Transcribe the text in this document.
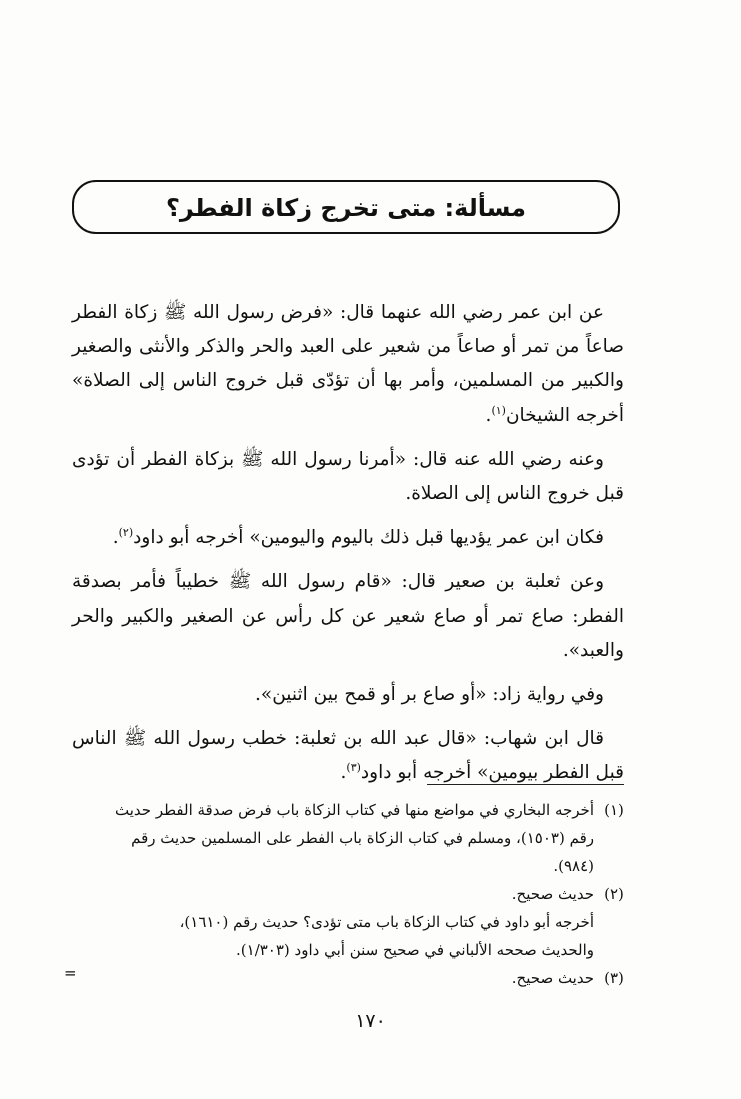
مسألة: متى تخرج زكاة الفطر؟

عن ابن عمر رضي الله عنهما قال: «فرض رسول الله ﷺ زكاة الفطر صاعاً من تمر أو صاعاً من شعير على العبد والحر والذكر والأنثى والصغير والكبير من المسلمين، وأمر بها أن تؤدّى قبل خروج الناس إلى الصلاة» أخرجه الشيخان$^{(١)}$.

وعنه رضي الله عنه قال: «أمرنا رسول الله ﷺ بزكاة الفطر أن تؤدى قبل خروج الناس إلى الصلاة.

فكان ابن عمر يؤديها قبل ذلك باليوم واليومين» أخرجه أبو داود$^{(٢)}$.

وعن ثعلبة بن صعير قال: «قام رسول الله ﷺ خطيباً فأمر بصدقة الفطر: صاع تمر أو صاع شعير عن كل رأس عن الصغير والكبير والحر والعبد».

وفي رواية زاد: «أو صاع بر أو قمح بين اثنين».

قال ابن شهاب: «قال عبد الله بن ثعلبة: خطب رسول الله ﷺ الناس قبل الفطر بيومين» أخرجه أبو داود$^{(٣)}$.

(١)
أخرجه البخاري في مواضع منها في كتاب الزكاة باب فرض صدقة الفطر حديث
رقم (١٥٠٣)، ومسلم في كتاب الزكاة باب الفطر على المسلمين حديث رقم
(٩٨٤).
(٢)
حديث صحيح.
أخرجه أبو داود في كتاب الزكاة باب متى تؤدى؟ حديث رقم (١٦١٠)،
والحديث صححه الألباني في صحيح سنن أبي داود (١/٣٠٣).
(٣)
حديث صحيح.
=
١٧٠
